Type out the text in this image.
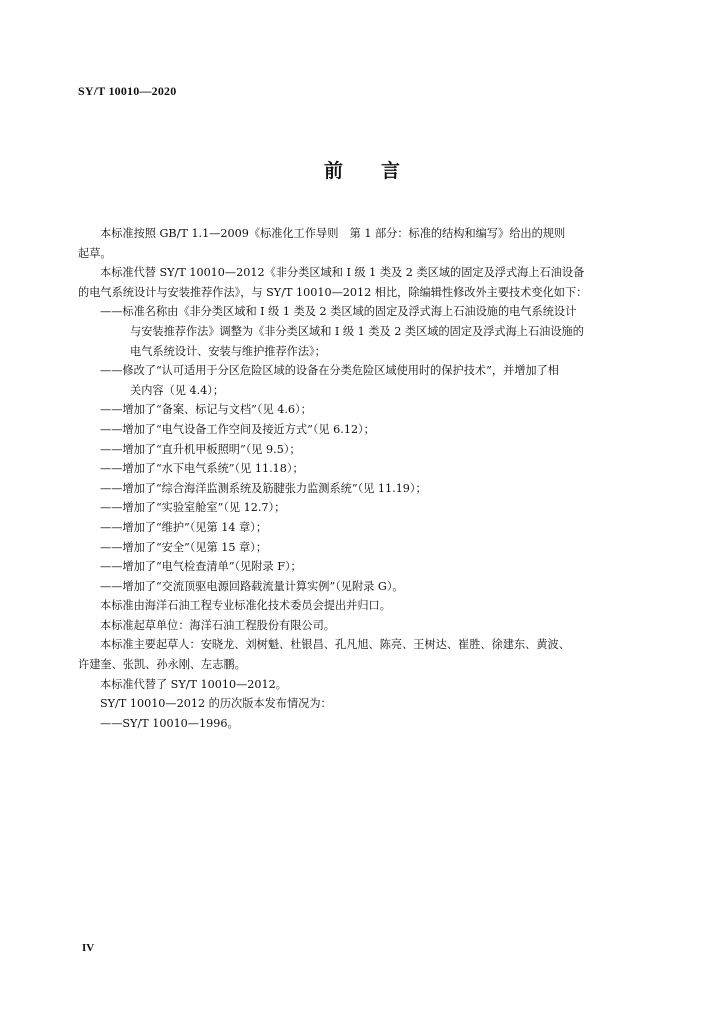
SY/T 10010—2020
前 言

本标准按照 GB/T 1.1—2009《标准化工作导则　第 1 部分：标准的结构和编写》给出的规则

起草。

本标准代替 SY/T 10010—2012《非分类区域和 I 级 1 类及 2 类区域的固定及浮式海上石油设备

的电气系统设计与安装推荐作法》，与 SY/T 10010—2012 相比，除编辑性修改外主要技术变化如下：

——标准名称由《非分类区域和 I 级 1 类及 2 类区域的固定及浮式海上石油设施的电气系统设计

与安装推荐作法》调整为《非分类区域和 I 级 1 类及 2 类区域的固定及浮式海上石油设施的

电气系统设计、安装与维护推荐作法》；

——修改了“认可适用于分区危险区域的设备在分类危险区域使用时的保护技术”，并增加了相

关内容（见 4.4）；

——增加了“备案、标记与文档”（见 4.6）；

——增加了“电气设备工作空间及接近方式”（见 6.12）；

——增加了“直升机甲板照明”（见 9.5）；

——增加了“水下电气系统”（见 11.18）；

——增加了“综合海洋监测系统及筋腱张力监测系统”（见 11.19）；

——增加了“实验室舱室”（见 12.7）；

——增加了“维护”（见第 14 章）；

——增加了“安全”（见第 15 章）；

——增加了“电气检查清单”（见附录 F）；

——增加了“交流顶驱电源回路载流量计算实例”（见附录 G）。

本标准由海洋石油工程专业标准化技术委员会提出并归口。

本标准起草单位：海洋石油工程股份有限公司。

本标准主要起草人：安晓龙、刘树魁、杜银昌、孔凡旭、陈亮、王树达、崔胜、徐建东、黄波、

许建奎、张凯、孙永刚、左志鹏。

本标准代替了 SY/T 10010—2012。

SY/T 10010—2012 的历次版本发布情况为：

——SY/T 10010—1996。

IV
